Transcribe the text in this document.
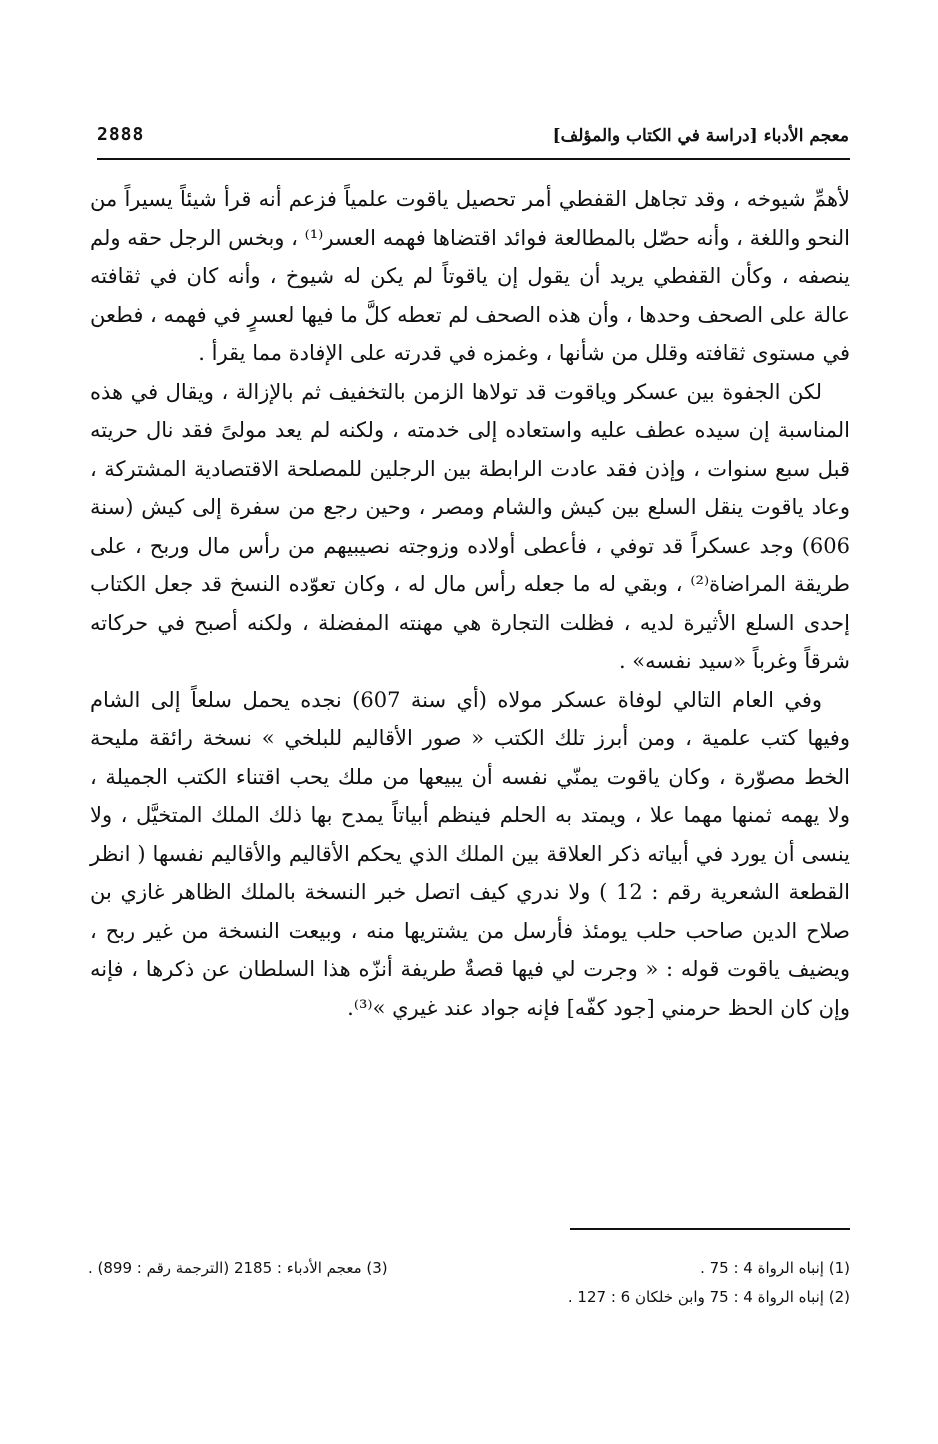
معجم الأدباء [دراسة في الكتاب والمؤلف]
2888

لأهمِّ شيوخه ، وقد تجاهل القفطي أمر تحصيل ياقوت علمياً فزعم أنه قرأ شيئاً يسيراً من النحو واللغة ، وأنه حصّل بالمطالعة فوائد اقتضاها فهمه العسر⁽¹⁾ ، وبخس الرجل حقه ولم ينصفه ، وكأن القفطي يريد أن يقول إن ياقوتاً لم يكن له شيوخ ، وأنه كان في ثقافته عالة على الصحف وحدها ، وأن هذه الصحف لم تعطه كلَّ ما فيها لعسرٍ في فهمه ، فطعن في مستوى ثقافته وقلل من شأنها ، وغمزه في قدرته على الإفادة مما يقرأ .

لكن الجفوة بين عسكر وياقوت قد تولاها الزمن بالتخفيف ثم بالإزالة ، ويقال في هذه المناسبة إن سيده عطف عليه واستعاده إلى خدمته ، ولكنه لم يعد مولىً فقد نال حريته قبل سبع سنوات ، وإذن فقد عادت الرابطة بين الرجلين للمصلحة الاقتصادية المشتركة ، وعاد ياقوت ينقل السلع بين كيش والشام ومصر ، وحين رجع من سفرة إلى كيش (سنة 606) وجد عسكراً قد توفي ، فأعطى أولاده وزوجته نصيبيهم من رأس مال وربح ، على طريقة المراضاة⁽²⁾ ، وبقي له ما جعله رأس مال له ، وكان تعوّده النسخ قد جعل الكتاب إحدى السلع الأثيرة لديه ، فظلت التجارة هي مهنته المفضلة ، ولكنه أصبح في حركاته شرقاً وغرباً «سيد نفسه» .

وفي العام التالي لوفاة عسكر مولاه (أي سنة 607) نجده يحمل سلعاً إلى الشام وفيها كتب علمية ، ومن أبرز تلك الكتب « صور الأقاليم للبلخي » نسخة رائقة مليحة الخط مصوّرة ، وكان ياقوت يمنّي نفسه أن يبيعها من ملك يحب اقتناء الكتب الجميلة ، ولا يهمه ثمنها مهما علا ، ويمتد به الحلم فينظم أبياتاً يمدح بها ذلك الملك المتخيَّل ، ولا ينسى أن يورد في أبياته ذكر العلاقة بين الملك الذي يحكم الأقاليم والأقاليم نفسها ( انظر القطعة الشعرية رقم : 12 ) ولا ندري كيف اتصل خبر النسخة بالملك الظاهر غازي بن صلاح الدين صاحب حلب يومئذ فأرسل من يشتريها منه ، وبيعت النسخة من غير ربح ، ويضيف ياقوت قوله : « وجرت لي فيها قصةٌ طريفة أنزّه هذا السلطان عن ذكرها ، فإنه وإن كان الحظ حرمني [جود كفّه] فإنه جواد عند غيري »⁽³⁾.

(1) إنباه الرواة 4 : 75 .
(3) معجم الأدباء : 2185 (الترجمة رقم : 899) .
(2) إنباه الرواة 4 : 75 وابن خلكان 6 : 127 .
